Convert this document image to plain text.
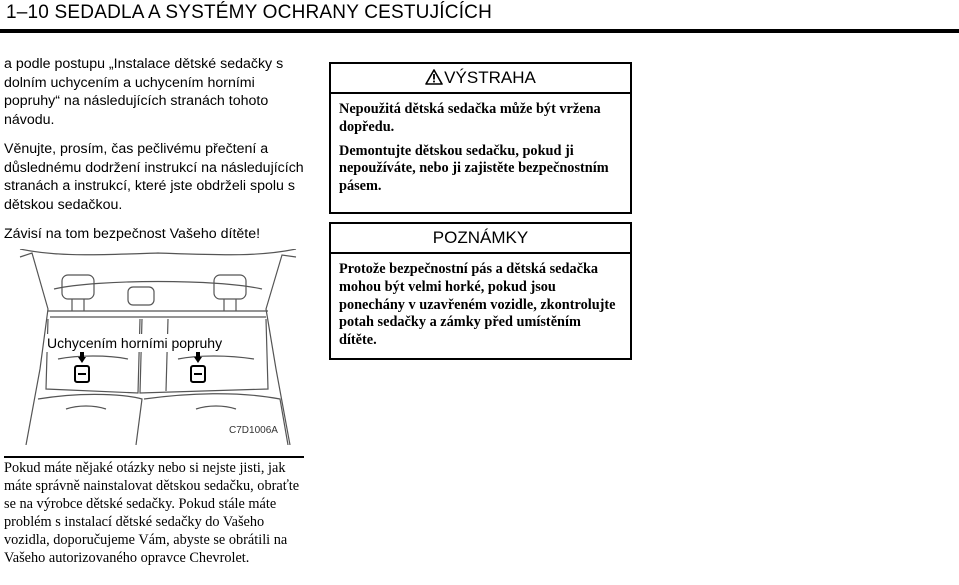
1–10 SEDADLA A SYSTÉMY OCHRANY CESTUJÍCÍCH

a podle postupu „Instalace dětské sedačky s dolním uchycením a uchycením horními popruhy“ na následujících stranách tohoto návodu.

Věnujte, prosím, čas pečlivému přečtení a důslednému dodržení instrukcí na následujících stranách a instrukcí, které jste obdrželi spolu s dětskou sedačkou.

Závisí na tom bezpečnost Vašeho dítěte!

Uchycením horními popruhy
C7D1006A
Pokud máte nějaké otázky nebo si nejste jisti, jak máte správně nainstalovat dětskou sedačku, obraťte se na výrobce dětské sedačky. Pokud stále máte problém s instalací dětské sedačky do Vašeho vozidla, doporučujeme Vám, abyste se obrátili na Vašeho autorizovaného opravce Chevrolet.
VÝSTRAHA

Nepoužitá dětská sedačka může být vržena dopředu.

Demontujte dětskou sedačku, pokud ji nepoužíváte, nebo ji zajistěte bezpečnostním pásem.

POZNÁMKY

Protože bezpečnostní pás a dětská sedačka mohou být velmi horké, pokud jsou ponechány v uzavřeném vozidle, zkontrolujte potah sedačky a zámky před umístěním dítěte.
